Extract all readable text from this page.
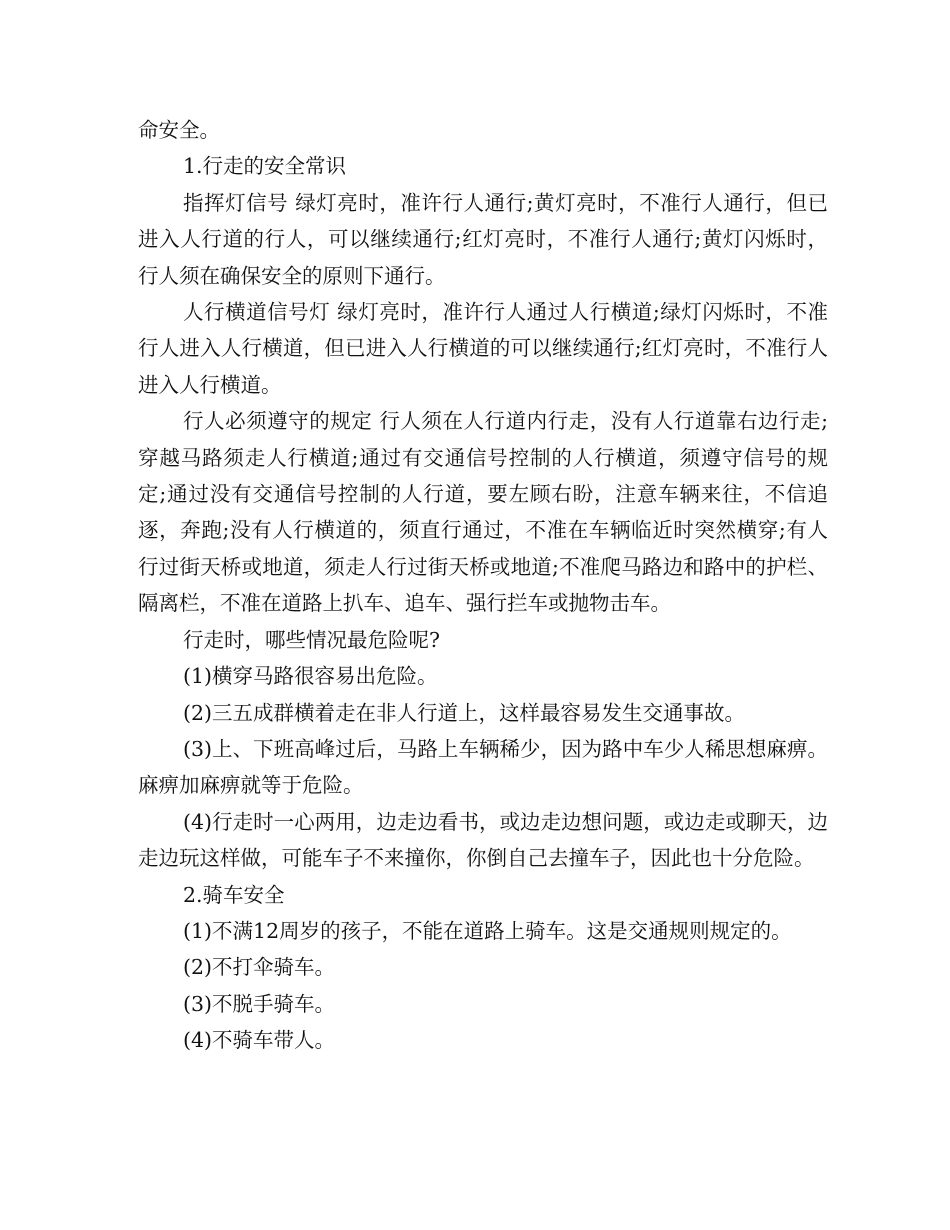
命安全。

1.行走的安全常识

指挥灯信号 绿灯亮时，准许行人通行;黄灯亮时，不准行人通行，但已进入人行道的行人，可以继续通行;红灯亮时，不准行人通行;黄灯闪烁时，行人须在确保安全的原则下通行。

人行横道信号灯 绿灯亮时，准许行人通过人行横道;绿灯闪烁时，不准行人进入人行横道，但已进入人行横道的可以继续通行;红灯亮时，不准行人进入人行横道。

行人必须遵守的规定 行人须在人行道内行走，没有人行道靠右边行走;穿越马路须走人行横道;通过有交通信号控制的人行横道，须遵守信号的规定;通过没有交通信号控制的人行道，要左顾右盼，注意车辆来往，不信追逐，奔跑;没有人行横道的，须直行通过，不准在车辆临近时突然横穿;有人行过街天桥或地道，须走人行过街天桥或地道;不准爬马路边和路中的护栏、隔离栏，不准在道路上扒车、追车、强行拦车或抛物击车。

行走时，哪些情况最危险呢?

(1)横穿马路很容易出危险。

(2)三五成群横着走在非人行道上，这样最容易发生交通事故。

(3)上、下班高峰过后，马路上车辆稀少，因为路中车少人稀思想麻痹。麻痹加麻痹就等于危险。

(4)行走时一心两用，边走边看书，或边走边想问题，或边走或聊天，边走边玩这样做，可能车子不来撞你，你倒自己去撞车子，因此也十分危险。

2.骑车安全

(1)不满12周岁的孩子，不能在道路上骑车。这是交通规则规定的。

(2)不打伞骑车。

(3)不脱手骑车。

(4)不骑车带人。
